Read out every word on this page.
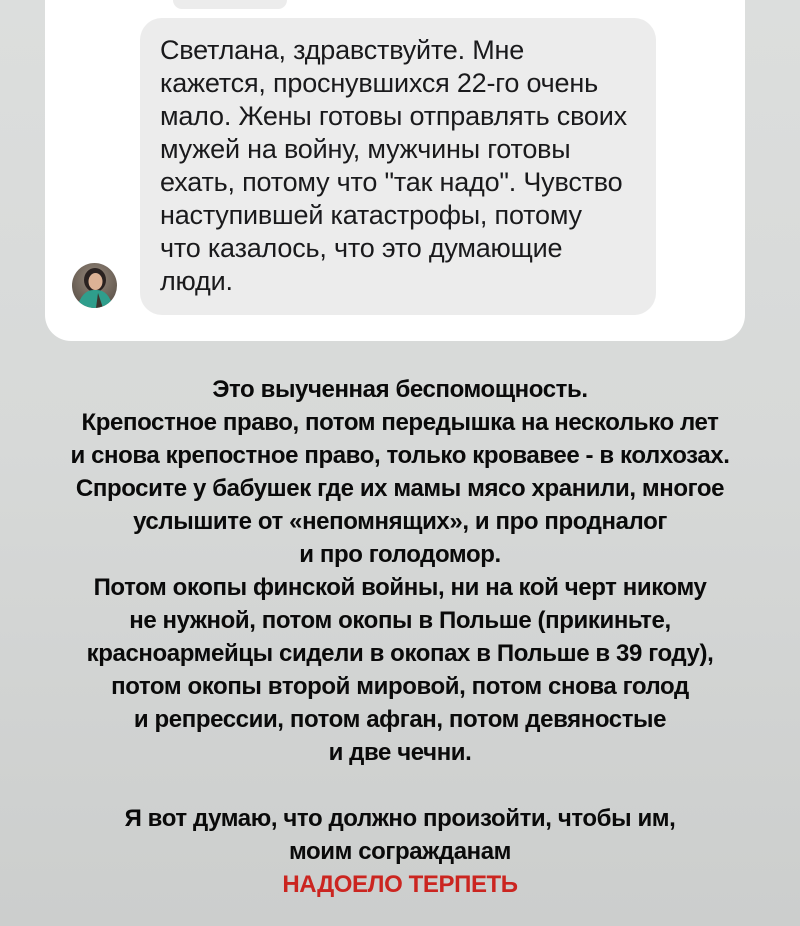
Светлана, здравствуйте. Мне
кажется, проснувшихся 22-го очень
мало. Жены готовы отправлять своих
мужей на войну, мужчины готовы
ехать, потому что "так надо". Чувство
наступившей катастрофы, потому
что казалось, что это думающие
люди.
Это выученная беспомощность.
Крепостное право, потом передышка на несколько лет
и снова крепостное право, только кровавее - в колхозах.
Спросите у бабушек где их мамы мясо хранили, многое
услышите от «непомнящих», и про продналог
и про голодомор.
Потом окопы финской войны, ни на кой черт никому
не нужной, потом окопы в Польше (прикиньте,
красноармейцы сидели в окопах в Польше в 39 году),
потом окопы второй мировой, потом снова голод
и репрессии, потом афган, потом девяностые
и две чечни.
Я вот думаю, что должно произойти, чтобы им,
моим согражданам
НАДОЕЛО ТЕРПЕТЬ
